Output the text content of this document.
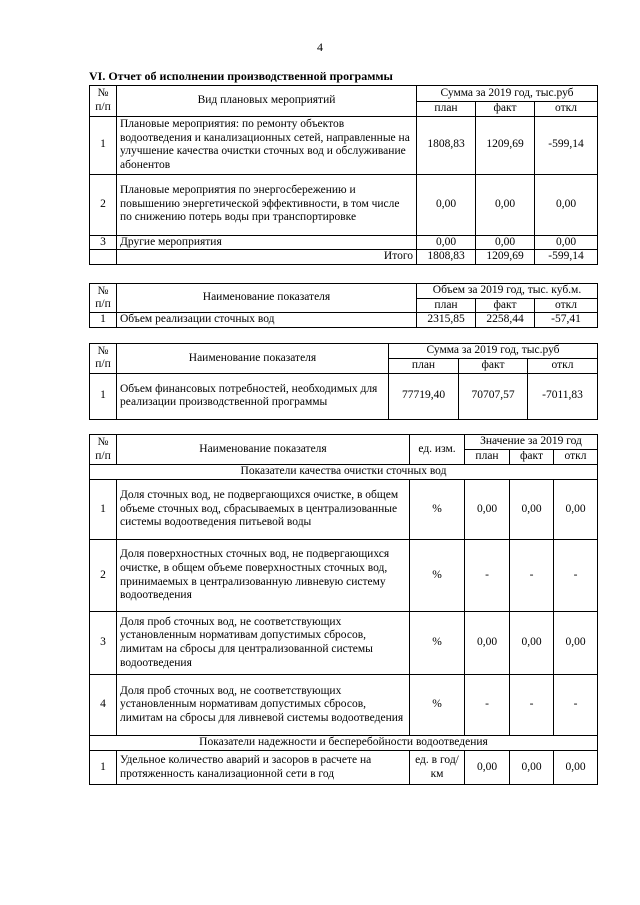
4
VI. Отчет об исполнении производственной программы
№ п/п	Вид плановых мероприятий	Сумма за 2019 год, тыс.руб		
		план	факт	откл
1	Плановые мероприятия: по ремонту объектов водоотведения и канализационных сетей, направленные на улучшение качества очистки сточных вод и обслуживание абонентов	1808,83	1209,69	-599,14
2	Плановые мероприятия по энергосбережению и повышению энергетической эффективности, в том числе по снижению потерь воды при транспортировке	0,00	0,00	0,00
3	Другие мероприятия	0,00	0,00	0,00
	Итого	1808,83	1209,69	-599,14
№ п/п	Наименование показателя	Объем за 2019 год, тыс. куб.м.		
		план	факт	откл
1	Объем реализации сточных вод	2315,85	2258,44	-57,41
№ п/п	Наименование показателя	Сумма за 2019 год, тыс.руб		
		план	факт	откл
1	Объем финансовых потребностей, необходимых для реализации производственной программы	77719,40	70707,57	-7011,83
№ п/п	Наименование показателя	ед. изм.	Значение за 2019 год		
			план	факт	откл
Показатели качества очистки сточных вод					
1	Доля сточных вод, не подвергающихся очистке, в общем объеме сточных вод, сбрасываемых в централизованные системы водоотведения питьевой воды	%	0,00	0,00	0,00
2	Доля поверхностных сточных вод, не подвергающихся очистке, в общем объеме поверхностных сточных вод, принимаемых в централизованную ливневую систему водоотведения	%	-	-	-
3	Доля проб сточных вод, не соответствующих установленным нормативам допустимых сбросов, лимитам на сбросы для централизованной системы водоотведения	%	0,00	0,00	0,00
4	Доля проб сточных вод, не соответствующих установленным нормативам допустимых сбросов, лимитам на сбросы для ливневой системы водоотведения	%	-	-	-
Показатели надежности и бесперебойности водоотведения					
1	Удельное количество аварий и засоров в расчете на протяженность канализационной сети в год	ед. в год/ км	0,00	0,00	0,00
